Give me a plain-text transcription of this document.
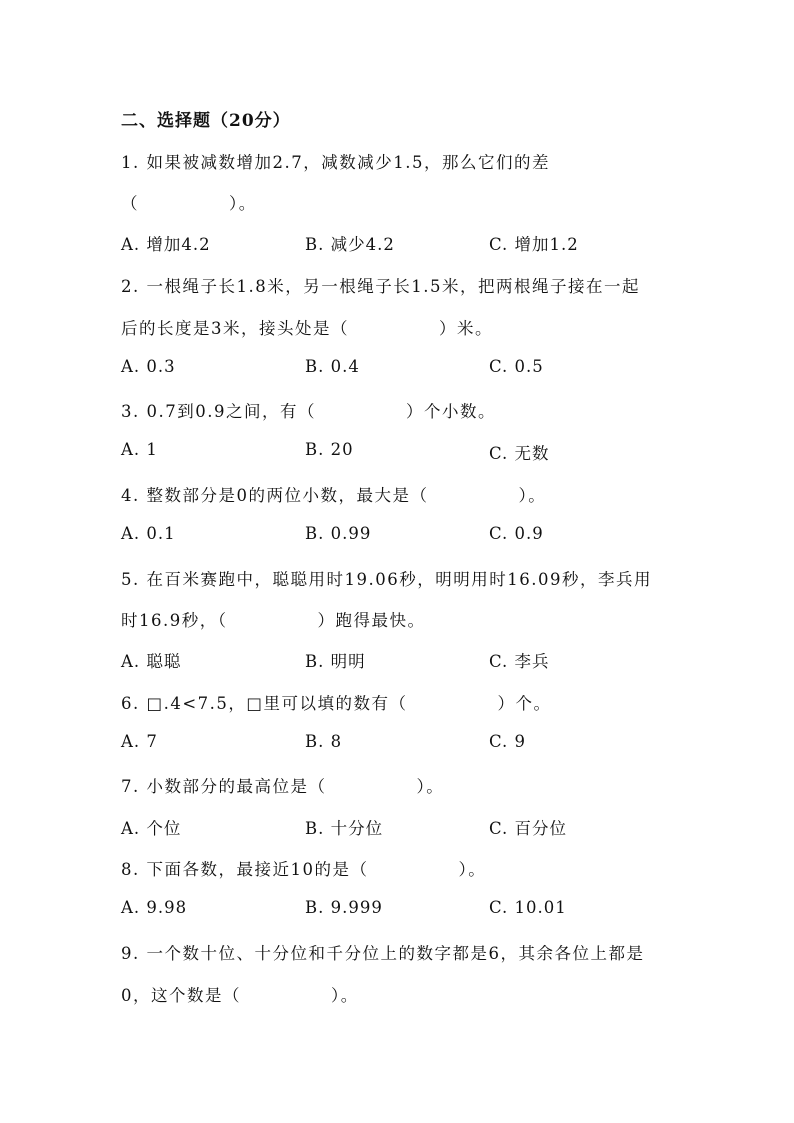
二、选择题（20分）
1. 如果被减数增加2.7，减数减少1.5，那么它们的差
（　　　　　）。
A. 增加4.2	B. 减少4.2	C. 增加1.2
2. 一根绳子长1.8米，另一根绳子长1.5米，把两根绳子接在一起
后的长度是3米，接头处是（　　　　　）米。
A. 0.3	B. 0.4	C. 0.5
3. 0.7到0.9之间，有（　　　　　）个小数。
A. 1	B. 20	C. 无数
4. 整数部分是0的两位小数，最大是（　　　　　）。
A. 0.1	B. 0.99	C. 0.9
5. 在百米赛跑中，聪聪用时19.06秒，明明用时16.09秒，李兵用
时16.9秒，（　　　　　）跑得最快。
A. 聪聪	B. 明明	C. 李兵
6. □.4<7.5，□里可以填的数有（　　　　　）个。
A. 7	B. 8	C. 9
7. 小数部分的最高位是（　　　　　）。
A. 个位	B. 十分位	C. 百分位
8. 下面各数，最接近10的是（　　　　　）。
A. 9.98	B. 9.999	C. 10.01
9. 一个数十位、十分位和千分位上的数字都是6，其余各位上都是
0，这个数是（　　　　　）。
